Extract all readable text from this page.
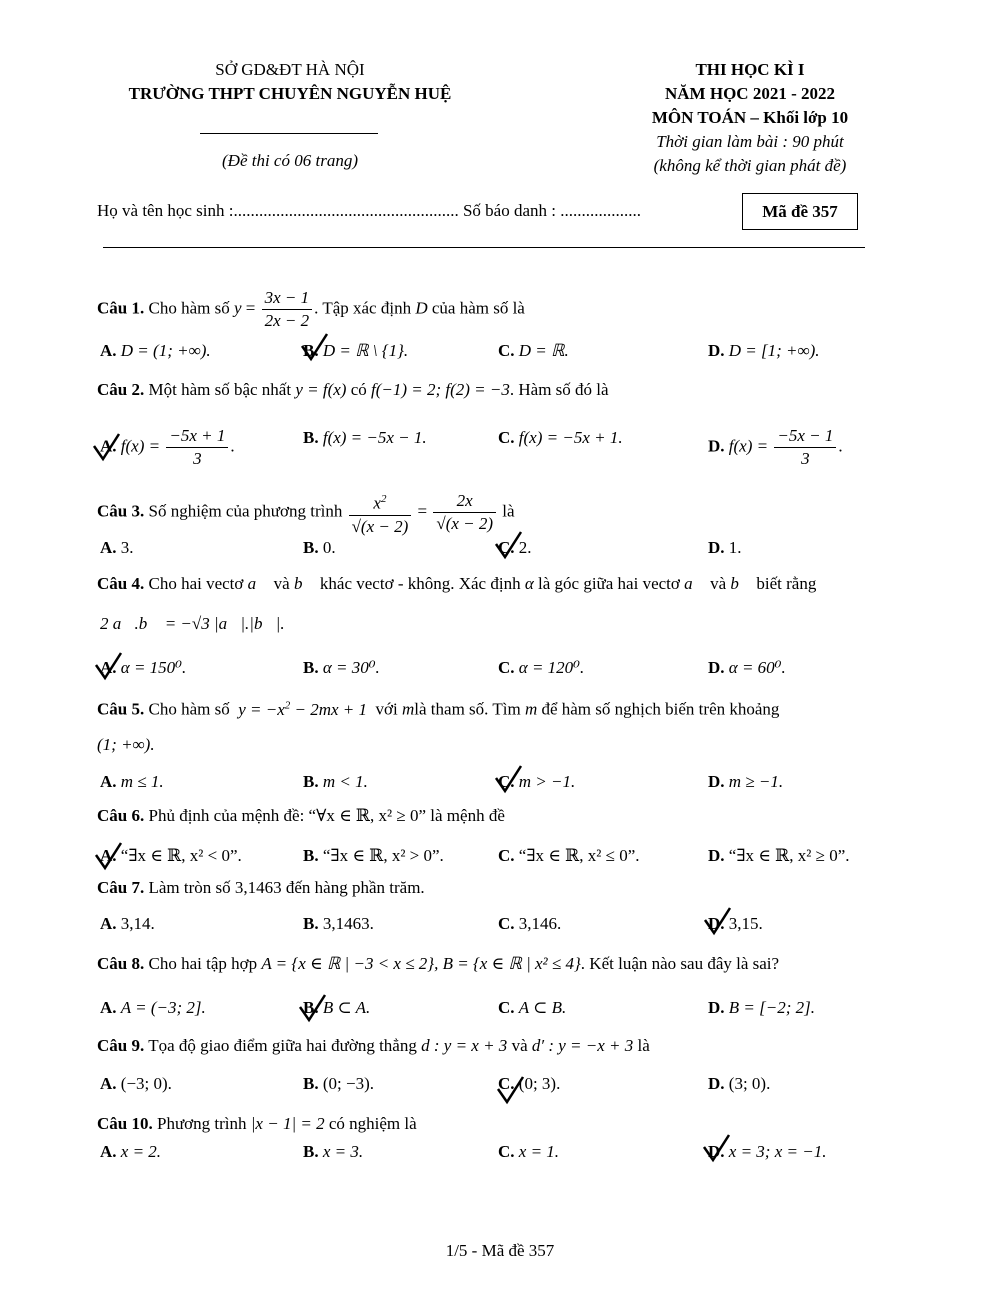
SỞ GD&ĐT HÀ NỘI
TRƯỜNG THPT CHUYÊN NGUYỄN HUỆ
(Đề thi có 06 trang)
THI HỌC KÌ I
NĂM HỌC 2021 - 2022
MÔN TOÁN – Khối lớp 10
Thời gian làm bài : 90 phút
(không kể thời gian phát đề)
Họ và tên học sinh :..................................................... Số báo danh : ...................	Mã đề 357
Câu 1. Cho hàm số $y = \frac{3x - 1}{2x - 2}$ . Tập xác định D của hàm số là
A. D = (1; +∞).	B. D = ℝ \ {1}.	C. D = ℝ.	D. D = [1; +∞).
Câu 2. Một hàm số bậc nhất y = f(x) có f(−1) = 2; f(2) = −3. Hàm số đó là
A. $f(x) = \frac{-5x + 1}{3}$ .	B. f(x) = −5x − 1.	C. f(x) = −5x + 1.	D. $f(x) = \frac{-5x - 1}{3}$ .
Câu 3. Số nghiệm của phương trình $\frac{x^2}{√(x - 2)} = \frac{2x}{√(x - 2)}$ là
A. 3.	B. 0.	C. 2.	D. 1.
Câu 4. Cho hai vectơ a⃗ và b⃗ khác vectơ - không. Xác định α là góc giữa hai vectơ a⃗ và b⃗ biết rằng
2 a⃗.b⃗ = −√3 |a⃗|.|b⃗|.
A. α = 150⁰.	B. α = 30⁰.	C. α = 120⁰.	D. α = 60⁰.
Câu 5. Cho hàm số  $y = -x^2 - 2mx + 1$  với mlà tham số. Tìm m để hàm số nghịch biến trên khoảng
(1; +∞).
A. m ≤ 1.	B. m < 1.	C. m > −1.	D. m ≥ −1.
Câu 6. Phủ định của mệnh đề: “∀x ∈ ℝ, x² ≥ 0” là mệnh đề
A. “∃x ∈ ℝ, x² < 0”.	B. “∃x ∈ ℝ, x² > 0”.	C. “∃x ∈ ℝ, x² ≤ 0”.	D. “∃x ∈ ℝ, x² ≥ 0”.
Câu 7. Làm tròn số 3,1463 đến hàng phần trăm.
A. 3,14.	B. 3,1463.	C. 3,146.	D. 3,15.
Câu 8. Cho hai tập hợp A = {x ∈ ℝ | −3 < x ≤ 2}, B = {x ∈ ℝ | x² ≤ 4}. Kết luận nào sau đây là sai?
A. A = (−3; 2].	B. B ⊂ A.	C. A ⊂ B.	D. B = [−2; 2].
Câu 9. Tọa độ giao điểm giữa hai đường thẳng d : y = x + 3 và d′ : y = −x + 3 là
A. (−3; 0).	B. (0; −3).	C. (0; 3).	D. (3; 0).
Câu 10. Phương trình |x − 1| = 2 có nghiệm là
A. x = 2.	B. x = 3.	C. x = 1.	D. x = 3; x = −1.
1/5 - Mã đề 357
